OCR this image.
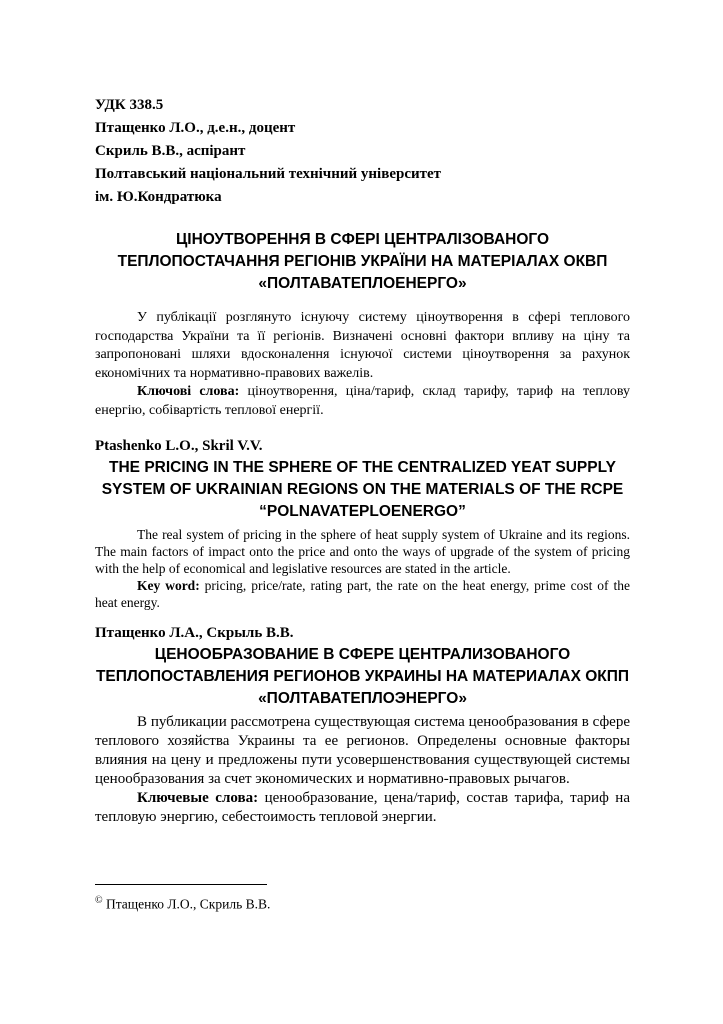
УДК 338.5

Птащенко Л.О., д.е.н., доцент

Скриль В.В., аспірант

Полтавський національний технічний університет

ім. Ю.Кондратюка

ЦІНОУТВОРЕННЯ В СФЕРІ ЦЕНТРАЛІЗОВАНОГО ТЕПЛОПОСТАЧАННЯ РЕГІОНІВ УКРАЇНИ НА МАТЕРІАЛАХ ОКВП «ПОЛТАВАТЕПЛОЕНЕРГО»

У публікації розглянуто існуючу систему ціноутворення в сфері теплового господарства України та її регіонів. Визначені основні фактори впливу на ціну та запропоновані шляхи вдосконалення існуючої системи ціноутворення за рахунок економічних та нормативно-правових важелів.

Ключові слова: ціноутворення, ціна/тариф, склад тарифу, тариф на теплову енергію, собівартість теплової енергії.

Ptashenko L.O., Skril V.V.

THE PRICING IN THE SPHERE OF THE CENTRALIZED YEAT SUPPLY SYSTEM OF UKRAINIAN REGIONS ON THE MATERIALS OF THE RCPE “POLNAVATEPLOENERGO”

The real system of pricing in the sphere of heat supply system of Ukraine and its regions. The main factors of impact onto the price and onto the ways of upgrade of the system of pricing with the help of economical and legislative resources are stated in the article.

Key word: pricing, price/rate, rating part, the rate on the heat energy, prime cost of the heat energy.

Птащенко Л.А., Скрыль В.В.

ЦЕНООБРАЗОВАНИЕ В СФЕРЕ ЦЕНТРАЛИЗОВАНОГО ТЕПЛОПОСТАВЛЕНИЯ РЕГИОНОВ УКРАИНЫ НА МАТЕРИАЛАХ ОКПП «ПОЛТАВАТЕПЛОЭНЕРГО»

В публикации рассмотрена существующая система ценообразования в сфере теплового хозяйства Украины та ее регионов. Определены основные факторы влияния на цену и предложены пути усовершенствования существующей системы ценообразования за счет экономических и нормативно-правовых рычагов.

Ключевые слова: ценообразование, цена/тариф, состав тарифа, тариф на тепловую энергию, себестоимость тепловой энергии.

© Птащенко Л.О., Скриль В.В.
